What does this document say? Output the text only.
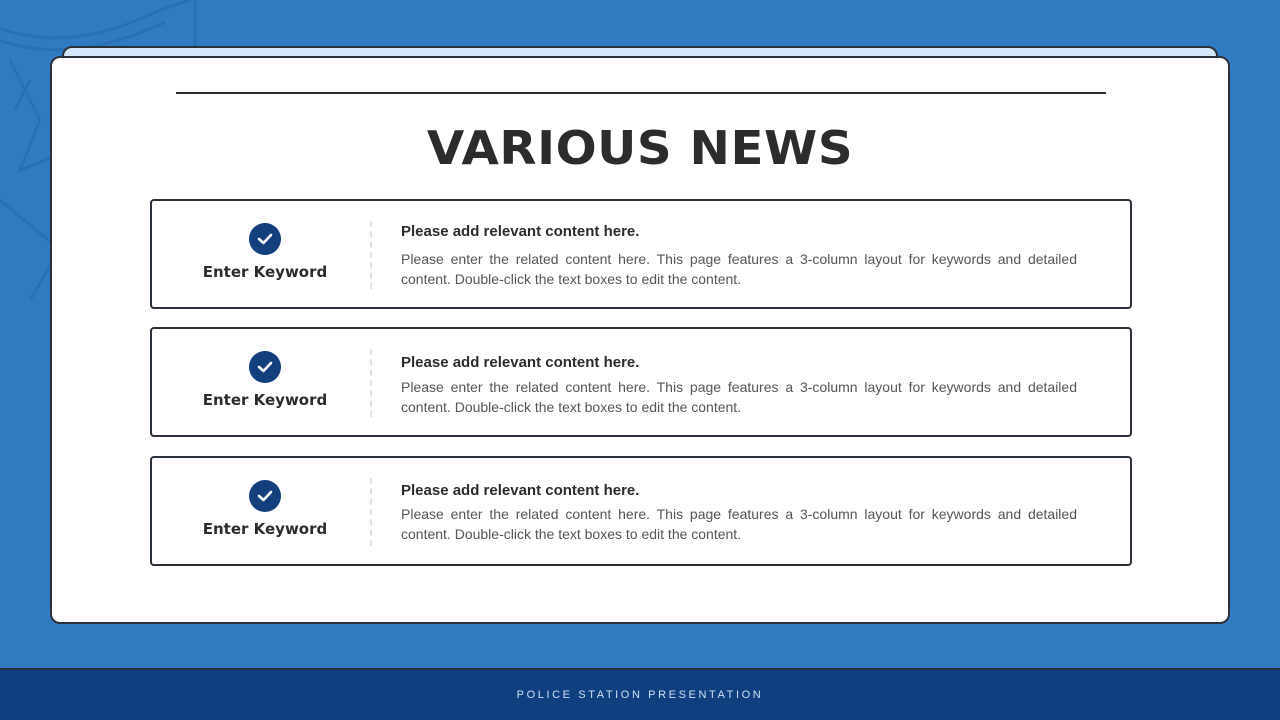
VARIOUS NEWS
Enter Keyword
Please add relevant content here.
Please enter the related content here. This page features a 3-column layout for keywords and detailed content. Double-click the text boxes to edit the content.
Enter Keyword
Please add relevant content here.
Please enter the related content here. This page features a 3-column layout for keywords and detailed content. Double-click the text boxes to edit the content.
Enter Keyword
Please add relevant content here.
Please enter the related content here. This page features a 3-column layout for keywords and detailed content. Double-click the text boxes to edit the content.
POLICE STATION PRESENTATION
